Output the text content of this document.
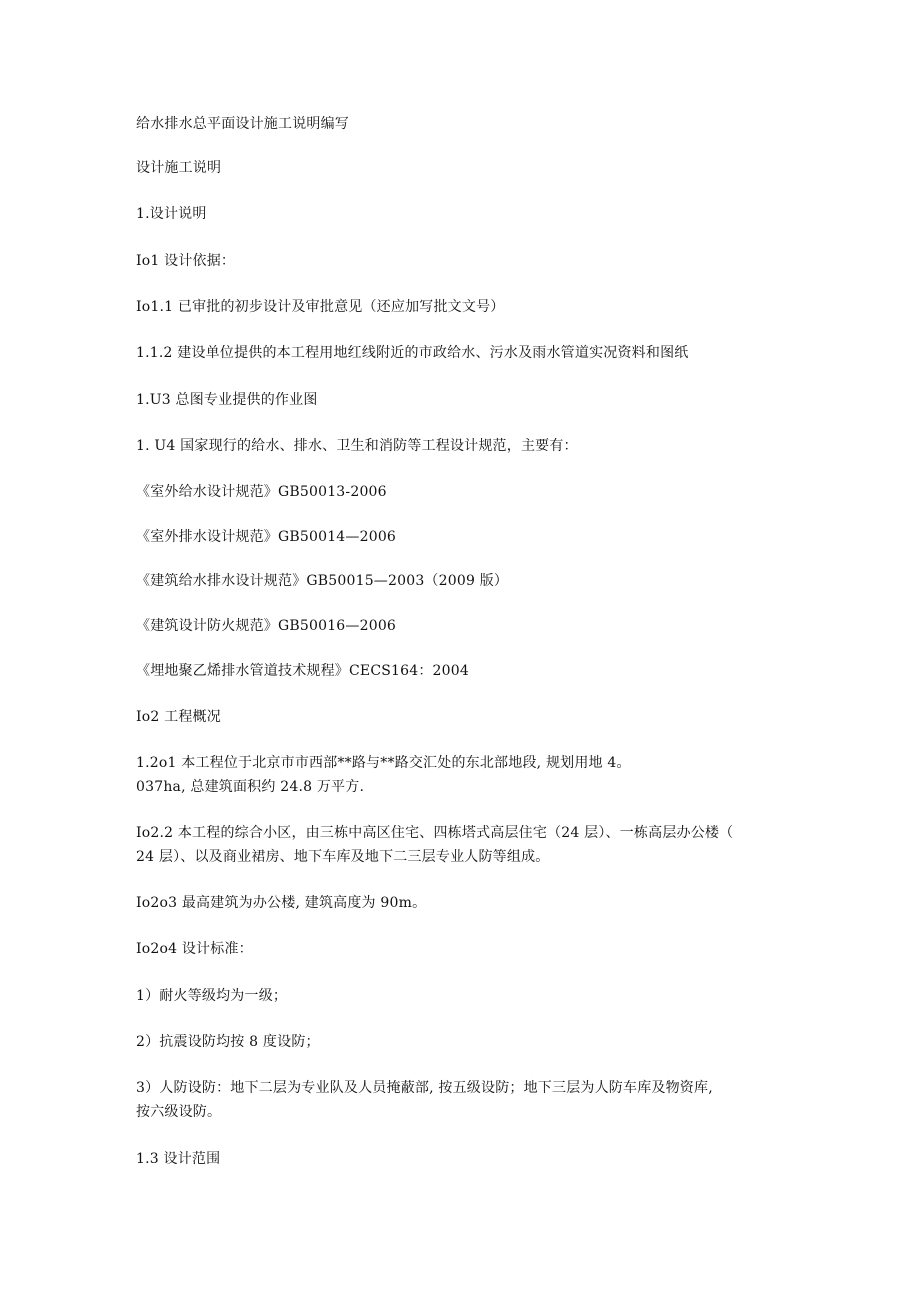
给水排水总平面设计施工说明编写
设计施工说明
1.设计说明
Io1 设计依据：
Io1.1 已审批的初步设计及审批意见（还应加写批文文号）
1.1.2 建设单位提供的本工程用地红线附近的市政给水、污水及雨水管道实况资料和图纸
1.U3 总图专业提供的作业图
1. U4 国家现行的给水、排水、卫生和消防等工程设计规范，主要有：
《室外给水设计规范》GB50013-2006
《室外排水设计规范》GB50014—2006
《建筑给水排水设计规范》GB50015—2003（2009 版）
《建筑设计防火规范》GB50016—2006
《埋地聚乙烯排水管道技术规程》CECS164：2004
Io2 工程概况
1.2o1 本工程位于北京市市西部**路与**路交汇处的东北部地段, 规划用地 4。
037ha, 总建筑面积约 24.8 万平方.
Io2.2 本工程的综合小区，由三栋中高区住宅、四栋塔式高层住宅（24 层）、一栋高层办公楼（
24 层）、以及商业裙房、地下车库及地下二三层专业人防等组成。
Io2o3 最高建筑为办公楼, 建筑高度为 90m。
Io2o4 设计标准：
1）耐火等级均为一级；
2）抗震设防均按 8 度设防；
3）人防设防：地下二层为专业队及人员掩蔽部, 按五级设防；地下三层为人防车库及物资库,
按六级设防。
1.3 设计范围
